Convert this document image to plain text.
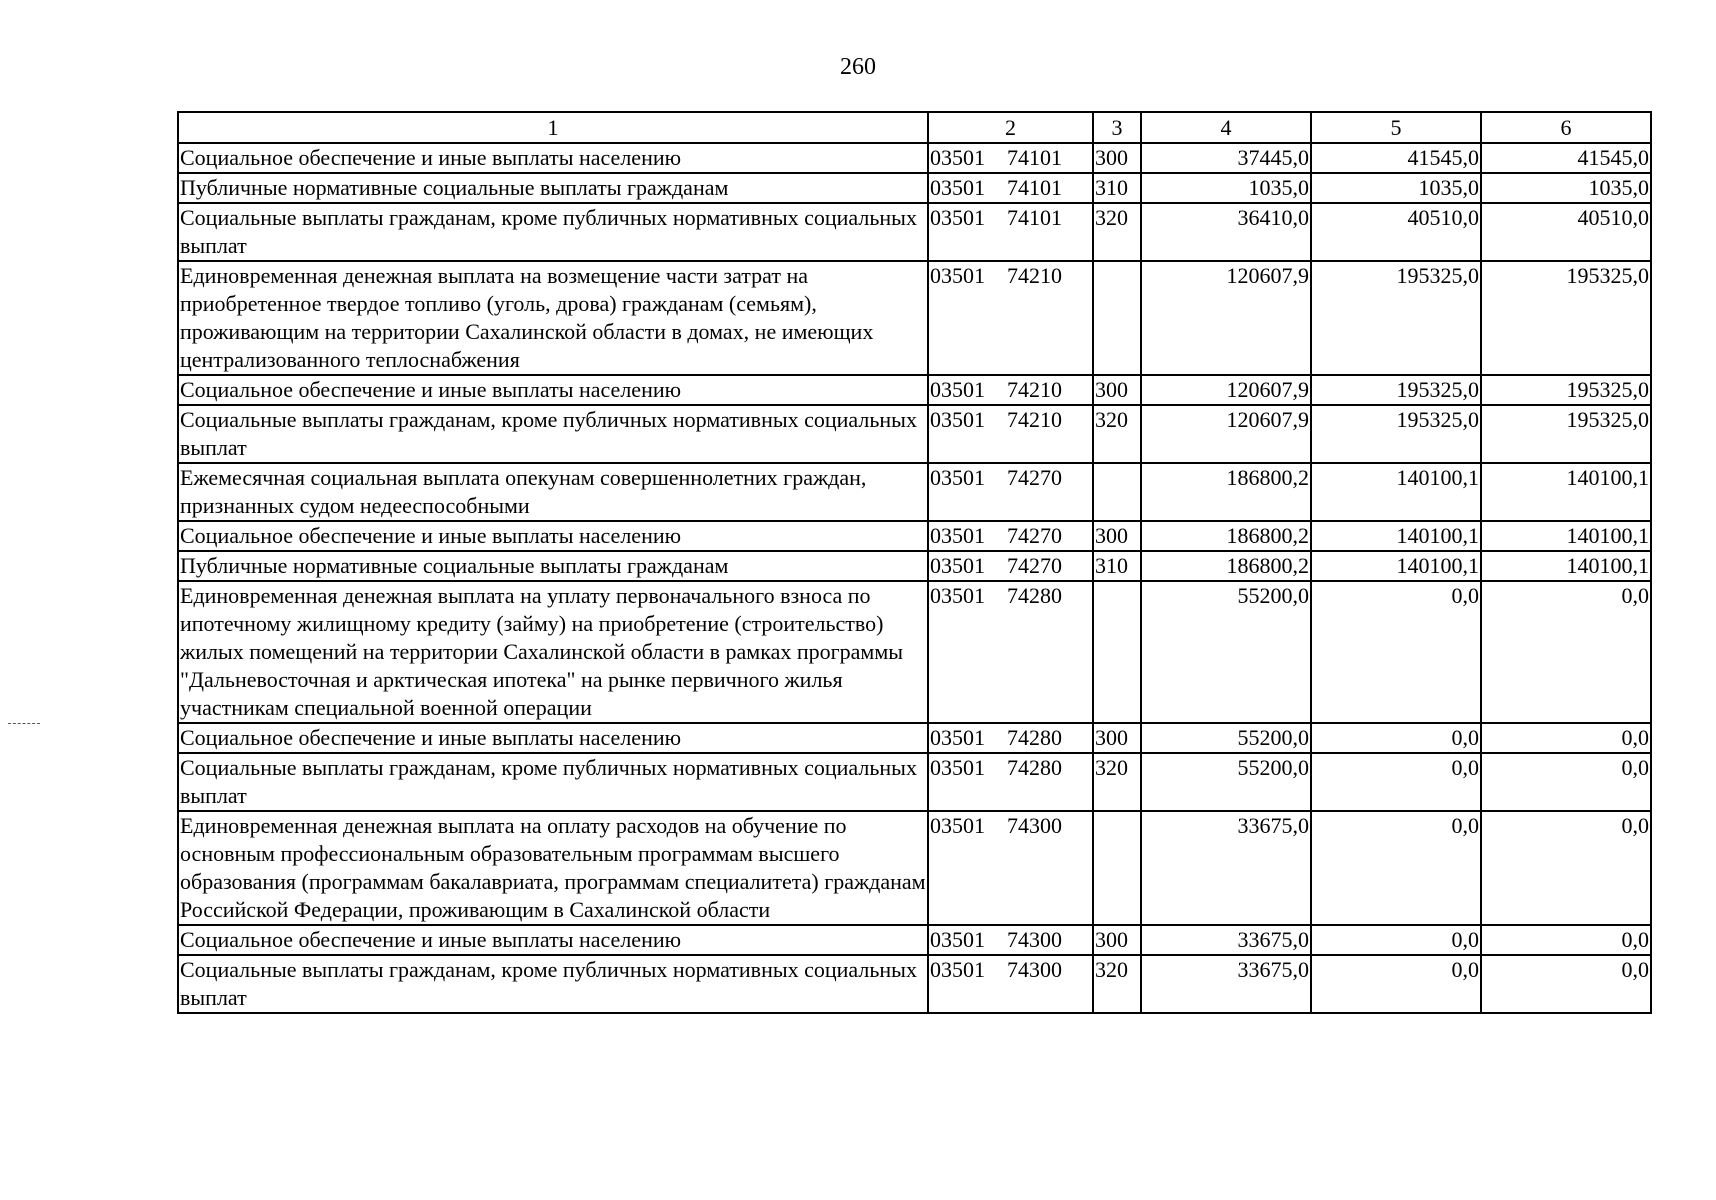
260
1	2	3	4	5	6
Социальное обеспечение и иные выплаты населению	03501 74101	300	37445,0	41545,0	41545,0
Публичные нормативные социальные выплаты гражданам	03501 74101	310	1035,0	1035,0	1035,0
Социальные выплаты гражданам, кроме публичных нормативных социальных выплат	03501 74101	320	36410,0	40510,0	40510,0
Единовременная денежная выплата на возмещение части затрат на приобретенное твердое топливо (уголь, дрова) гражданам (семьям), проживающим на территории Сахалинской области в домах, не имеющих централизованного теплоснабжения	03501 74210		120607,9	195325,0	195325,0
Социальное обеспечение и иные выплаты населению	03501 74210	300	120607,9	195325,0	195325,0
Социальные выплаты гражданам, кроме публичных нормативных социальных выплат	03501 74210	320	120607,9	195325,0	195325,0
Ежемесячная социальная выплата опекунам совершеннолетних граждан, признанных судом недееспособными	03501 74270		186800,2	140100,1	140100,1
Социальное обеспечение и иные выплаты населению	03501 74270	300	186800,2	140100,1	140100,1
Публичные нормативные социальные выплаты гражданам	03501 74270	310	186800,2	140100,1	140100,1
Единовременная денежная выплата на уплату первоначального взноса по ипотечному жилищному кредиту (займу) на приобретение (строительство) жилых помещений на территории Сахалинской области в рамках программы "Дальневосточная и арктическая ипотека" на рынке первичного жилья участникам специальной военной операции	03501 74280		55200,0	0,0	0,0
Социальное обеспечение и иные выплаты населению	03501 74280	300	55200,0	0,0	0,0
Социальные выплаты гражданам, кроме публичных нормативных социальных выплат	03501 74280	320	55200,0	0,0	0,0
Единовременная денежная выплата на оплату расходов на обучение по основным профессиональным образовательным программам высшего образования (программам бакалавриата, программам специалитета) гражданам Российской Федерации, проживающим в Сахалинской области	03501 74300		33675,0	0,0	0,0
Социальное обеспечение и иные выплаты населению	03501 74300	300	33675,0	0,0	0,0
Социальные выплаты гражданам, кроме публичных нормативных социальных выплат	03501 74300	320	33675,0	0,0	0,0
